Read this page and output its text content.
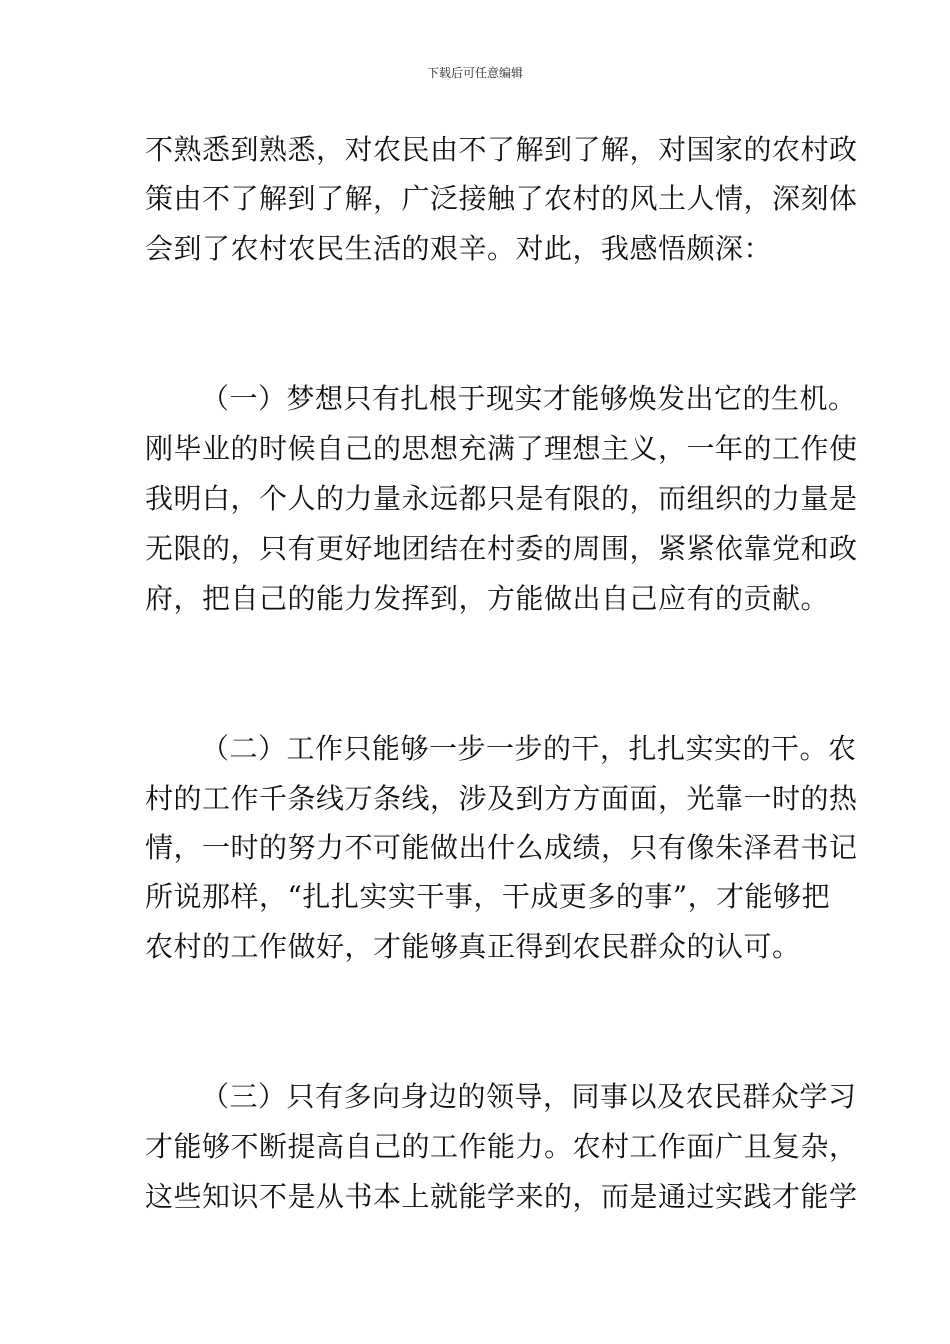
下载后可任意编辑
不熟悉到熟悉，对农民由不了解到了解，对国家的农村政
策由不了解到了解，广泛接触了农村的风土人情，深刻体
会到了农村农民生活的艰辛。对此，我感悟颇深：
（一）梦想只有扎根于现实才能够焕发出它的生机。
刚毕业的时候自己的思想充满了理想主义，一年的工作使
我明白，个人的力量永远都只是有限的，而组织的力量是
无限的，只有更好地团结在村委的周围，紧紧依靠党和政
府，把自己的能力发挥到，方能做出自己应有的贡献。
（二）工作只能够一步一步的干，扎扎实实的干。农
村的工作千条线万条线，涉及到方方面面，光靠一时的热
情，一时的努力不可能做出什么成绩，只有像朱泽君书记
所说那样，“扎扎实实干事，干成更多的事”，才能够把
农村的工作做好，才能够真正得到农民群众的认可。
（三）只有多向身边的领导，同事以及农民群众学习
才能够不断提高自己的工作能力。农村工作面广且复杂，
这些知识不是从书本上就能学来的，而是通过实践才能学
